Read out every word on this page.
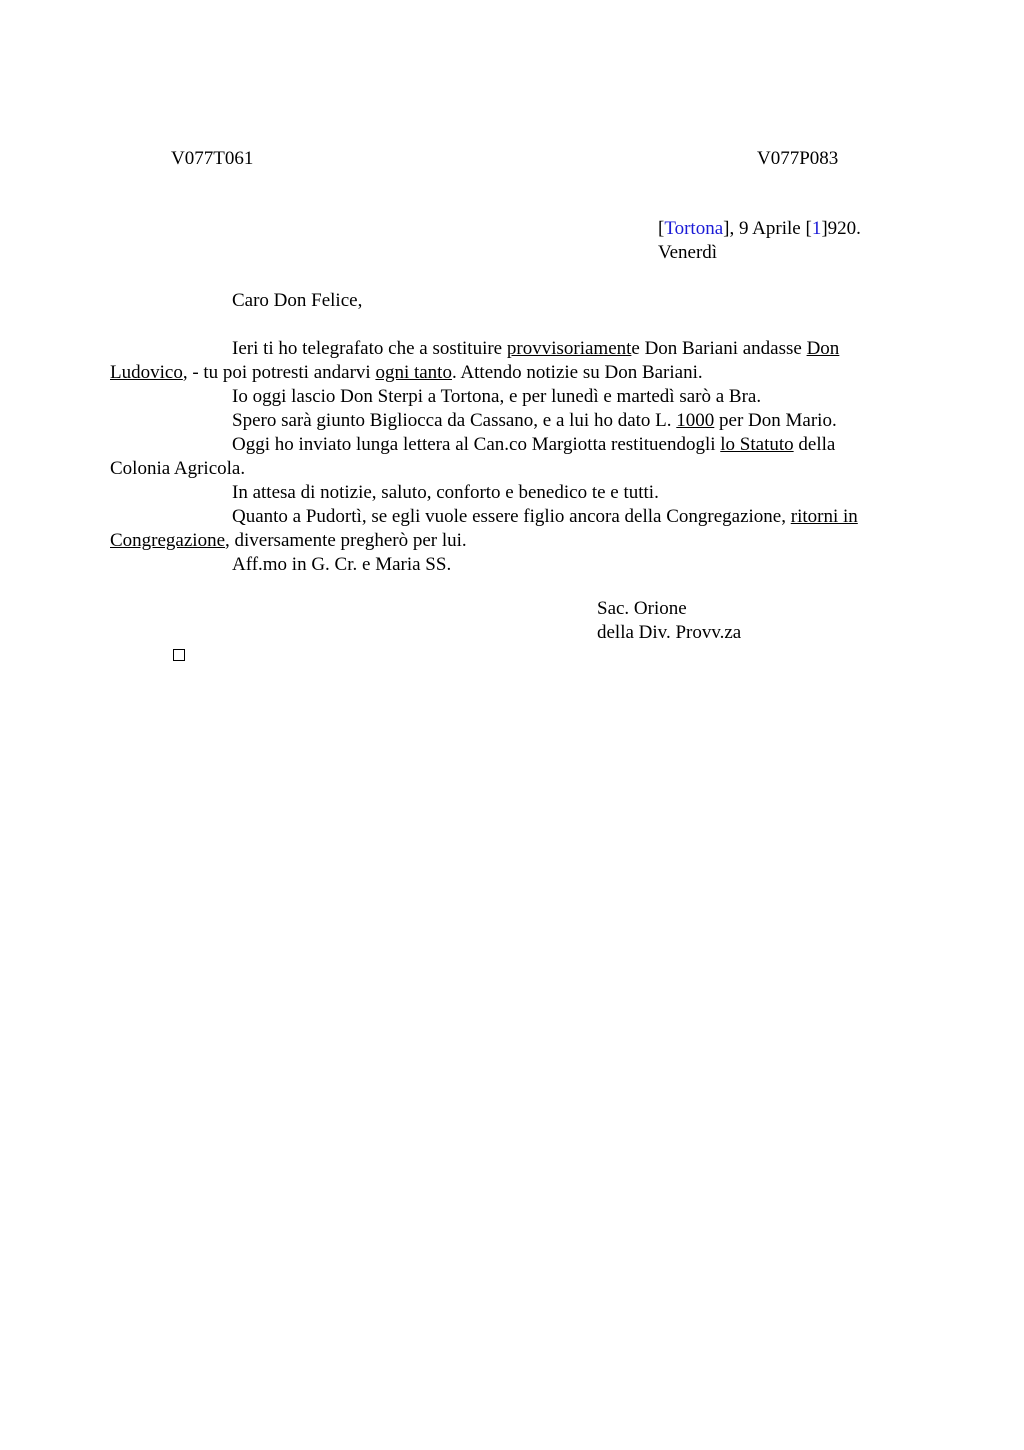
V077T061	V077P083
[Tortona], 9 Aprile [1]920.
Venerdì
Caro Don Felice,

Ieri ti ho telegrafato che a sostituire provvisoriamente Don Bariani andasse Don
Ludovico, - tu poi potresti andarvi ogni tanto. Attendo notizie su Don Bariani.

Io oggi lascio Don Sterpi a Tortona, e per lunedì e martedì sarò a Bra.

Spero sarà giunto Bigliocca da Cassano, e a lui ho dato L. 1000 per Don Mario.

Oggi ho inviato lunga lettera al Can.co Margiotta restituendogli lo Statuto della
Colonia Agricola.

In attesa di notizie, saluto, conforto e benedico te e tutti.

Quanto a Pudortì, se egli vuole essere figlio ancora della Congregazione, ritorni in
Congregazione, diversamente pregherò per lui.

Aff.mo in G. Cr. e Maria SS.

Sac. Orione
della Div. Provv.za
